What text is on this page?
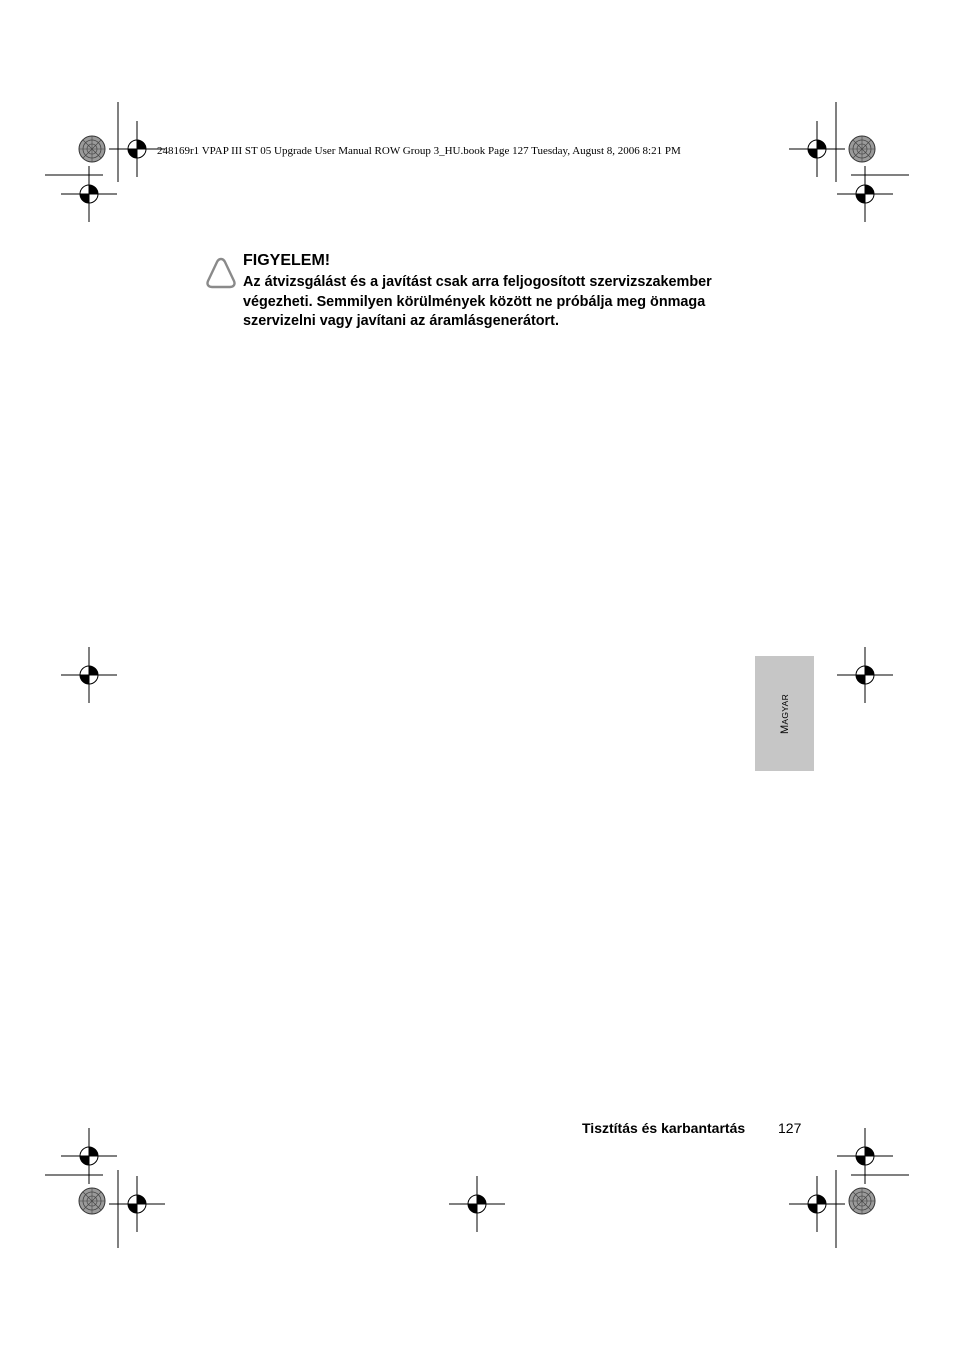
248169r1 VPAP III ST 05 Upgrade User Manual ROW Group 3_HU.book Page 127 Tuesday, August 8, 2006 8:21 PM
FIGYELEM!
Az átvizsgálást és a javítást csak arra feljogosított szervizszakember végezheti. Semmilyen körülmények között ne próbálja meg önmaga szervizelni vagy javítani az áramlásgenerátort.
MAGYAR
Tisztítás és karbantartás 127
